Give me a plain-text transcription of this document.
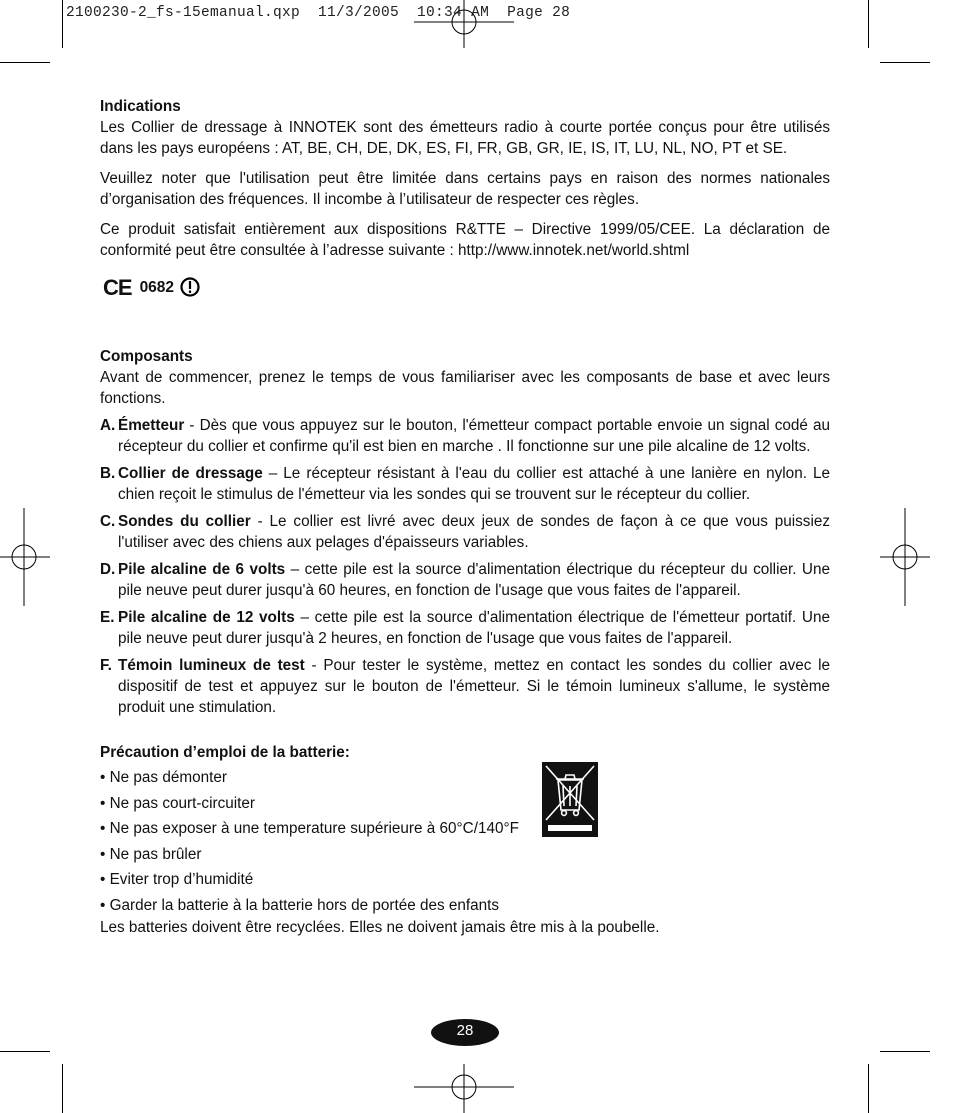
2100230-2_fs-15emanual.qxp  11/3/2005  10:34 AM  Page 28

Indications

Les Collier de dressage à INNOTEK sont des émetteurs radio à courte portée conçus pour être utilisés dans les pays européens : AT, BE, CH, DE, DK, ES, FI, FR, GB, GR, IE, IS, IT, LU, NL, NO, PT et SE.

Veuillez noter que l'utilisation peut être limitée dans certains pays en raison des normes nationales d’organisation des fréquences. Il incombe à l’utilisateur de respecter ces règles.

Ce produit satisfait entièrement aux dispositions R&TTE – Directive 1999/05/CEE. La déclaration de conformité peut être consultée à l’adresse suivante : http://www.innotek.net/world.shtml

CE 0682

Composants

Avant de commencer, prenez le temps de vous familiariser avec les composants de base et avec leurs fonctions.

A. Émetteur - Dès que vous appuyez sur le bouton, l'émetteur compact portable envoie un signal codé au récepteur du collier et confirme qu'il est bien en marche . Il fonctionne sur une pile alcaline de 12 volts.
B. Collier de dressage – Le récepteur résistant à l'eau du collier est attaché à une lanière en nylon. Le chien reçoit le stimulus de l'émetteur via les sondes qui se trouvent sur le récepteur du collier.
C. Sondes du collier - Le collier est livré avec deux jeux de sondes de façon à ce que vous puissiez l'utiliser avec des chiens aux pelages d'épaisseurs variables.
D. Pile alcaline de 6 volts – cette pile est la source d'alimentation électrique du récepteur du collier. Une pile neuve peut durer jusqu'à 60 heures, en fonction de l'usage que vous faites de l'appareil.
E. Pile alcaline de 12 volts – cette pile est la source d'alimentation électrique de l'émetteur portatif. Une pile neuve peut durer jusqu'à 2 heures, en fonction de l'usage que vous faites de l'appareil.
F. Témoin lumineux de test - Pour tester le système, mettez en contact les sondes du collier avec le dispositif de test et appuyez sur le bouton de l'émetteur. Si le témoin lumineux s'allume, le système produit une stimulation.

Précaution d’emploi de la batterie:

• Ne pas démonter
• Ne pas court-circuiter
• Ne pas exposer à une temperature supérieure à 60°C/140°F
• Ne pas brûler
• Eviter trop d’humidité
• Garder la batterie à la batterie hors de portée des enfants

Les batteries doivent être recyclées. Elles ne doivent jamais être mis à la poubelle.

28
